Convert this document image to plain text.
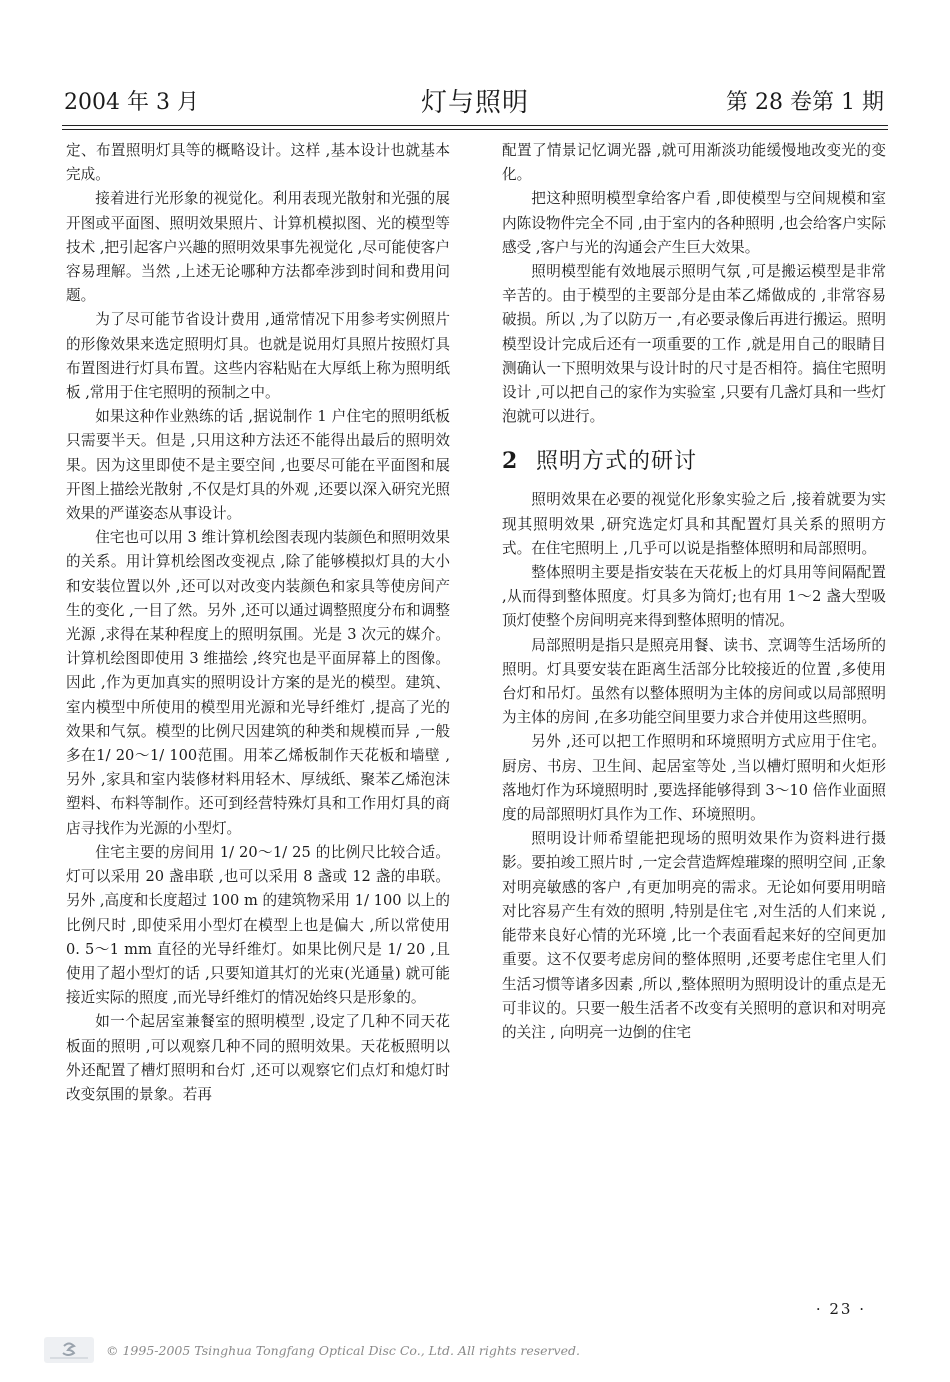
2004 年 3 月	灯与照明	第 28 卷第 1 期

定、布置照明灯具等的概略设计。这样 ,基本设计也就基本完成。

接着进行光形象的视觉化。利用表现光散射和光强的展开图或平面图、照明效果照片、计算机模拟图、光的模型等技术 ,把引起客户兴趣的照明效果事先视觉化 ,尽可能使客户容易理解。当然 ,上述无论哪种方法都牵涉到时间和费用问题。

为了尽可能节省设计费用 ,通常情况下用参考实例照片的形像效果来选定照明灯具。也就是说用灯具照片按照灯具布置图进行灯具布置。这些内容粘贴在大厚纸上称为照明纸板 ,常用于住宅照明的预制之中。

如果这种作业熟练的话 ,据说制作 1 户住宅的照明纸板只需要半天。但是 ,只用这种方法还不能得出最后的照明效果。因为这里即使不是主要空间 ,也要尽可能在平面图和展开图上描绘光散射 ,不仅是灯具的外观 ,还要以深入研究光照效果的严谨姿态从事设计。

住宅也可以用 3 维计算机绘图表现内装颜色和照明效果的关系。用计算机绘图改变视点 ,除了能够模拟灯具的大小和安装位置以外 ,还可以对改变内装颜色和家具等使房间产生的变化 ,一目了然。另外 ,还可以通过调整照度分布和调整光源 ,求得在某种程度上的照明氛围。光是 3 次元的媒介。计算机绘图即使用 3 维描绘 ,终究也是平面屏幕上的图像。因此 ,作为更加真实的照明设计方案的是光的模型。建筑、室内模型中所使用的模型用光源和光导纤维灯 ,提高了光的效果和气氛。模型的比例尺因建筑的种类和规模而异 ,一般多在1/ 20～1/ 100范围。用苯乙烯板制作天花板和墙壁 ,另外 ,家具和室内装修材料用轻木、厚绒纸、聚苯乙烯泡沫塑料、布料等制作。还可到经营特殊灯具和工作用灯具的商店寻找作为光源的小型灯。

住宅主要的房间用 1/ 20～1/ 25 的比例尺比较合适。灯可以采用 20 盏串联 ,也可以采用 8 盏或 12 盏的串联。另外 ,高度和长度超过 100 m 的建筑物采用 1/ 100 以上的比例尺时 ,即使采用小型灯在模型上也是偏大 ,所以常使用 0. 5～1 mm 直径的光导纤维灯。如果比例尺是 1/ 20 ,且使用了超小型灯的话 ,只要知道其灯的光束(光通量) 就可能接近实际的照度 ,而光导纤维灯的情况始终只是形象的。

如一个起居室兼餐室的照明模型 ,设定了几种不同天花板面的照明 ,可以观察几种不同的照明效果。天花板照明以外还配置了槽灯照明和台灯 ,还可以观察它们点灯和熄灯时改变氛围的景象。若再

配置了情景记忆调光器 ,就可用渐淡功能缓慢地改变光的变化。

把这种照明模型拿给客户看 ,即使模型与空间规模和室内陈设物件完全不同 ,由于室内的各种照明 ,也会给客户实际感受 ,客户与光的沟通会产生巨大效果。

照明模型能有效地展示照明气氛 ,可是搬运模型是非常辛苦的。由于模型的主要部分是由苯乙烯做成的 ,非常容易破损。所以 ,为了以防万一 ,有必要录像后再进行搬运。照明模型设计完成后还有一项重要的工作 ,就是用自己的眼睛目测确认一下照明效果与设计时的尺寸是否相符。搞住宅照明设计 ,可以把自己的家作为实验室 ,只要有几盏灯具和一些灯泡就可以进行。

2 照明方式的研讨

照明效果在必要的视觉化形象实验之后 ,接着就要为实现其照明效果 ,研究选定灯具和其配置灯具关系的照明方式。在住宅照明上 ,几乎可以说是指整体照明和局部照明。

整体照明主要是指安装在天花板上的灯具用等间隔配置 ,从而得到整体照度。灯具多为筒灯;也有用 1～2 盏大型吸顶灯使整个房间明亮来得到整体照明的情况。

局部照明是指只是照亮用餐、读书、烹调等生活场所的照明。灯具要安装在距离生活部分比较接近的位置 ,多使用台灯和吊灯。虽然有以整体照明为主体的房间或以局部照明为主体的房间 ,在多功能空间里要力求合并使用这些照明。

另外 ,还可以把工作照明和环境照明方式应用于住宅。厨房、书房、卫生间、起居室等处 ,当以槽灯照明和火炬形落地灯作为环境照明时 ,要选择能够得到 3～10 倍作业面照度的局部照明灯具作为工作、环境照明。

照明设计师希望能把现场的照明效果作为资料进行摄影。要拍竣工照片时 ,一定会营造辉煌璀璨的照明空间 ,正象对明亮敏感的客户 ,有更加明亮的需求。无论如何要用明暗对比容易产生有效的照明 ,特别是住宅 ,对生活的人们来说 ,能带来良好心情的光环境 ,比一个表面看起来好的空间更加重要。这不仅要考虑房间的整体照明 ,还要考虑住宅里人们生活习惯等诸多因素 ,所以 ,整体照明为照明设计的重点是无可非议的。只要一般生活者不改变有关照明的意识和对明亮的关注 , 向明亮一边倒的住宅

· 23 ·
© 1995-2005 Tsinghua Tongfang Optical Disc Co., Ltd. All rights reserved.
